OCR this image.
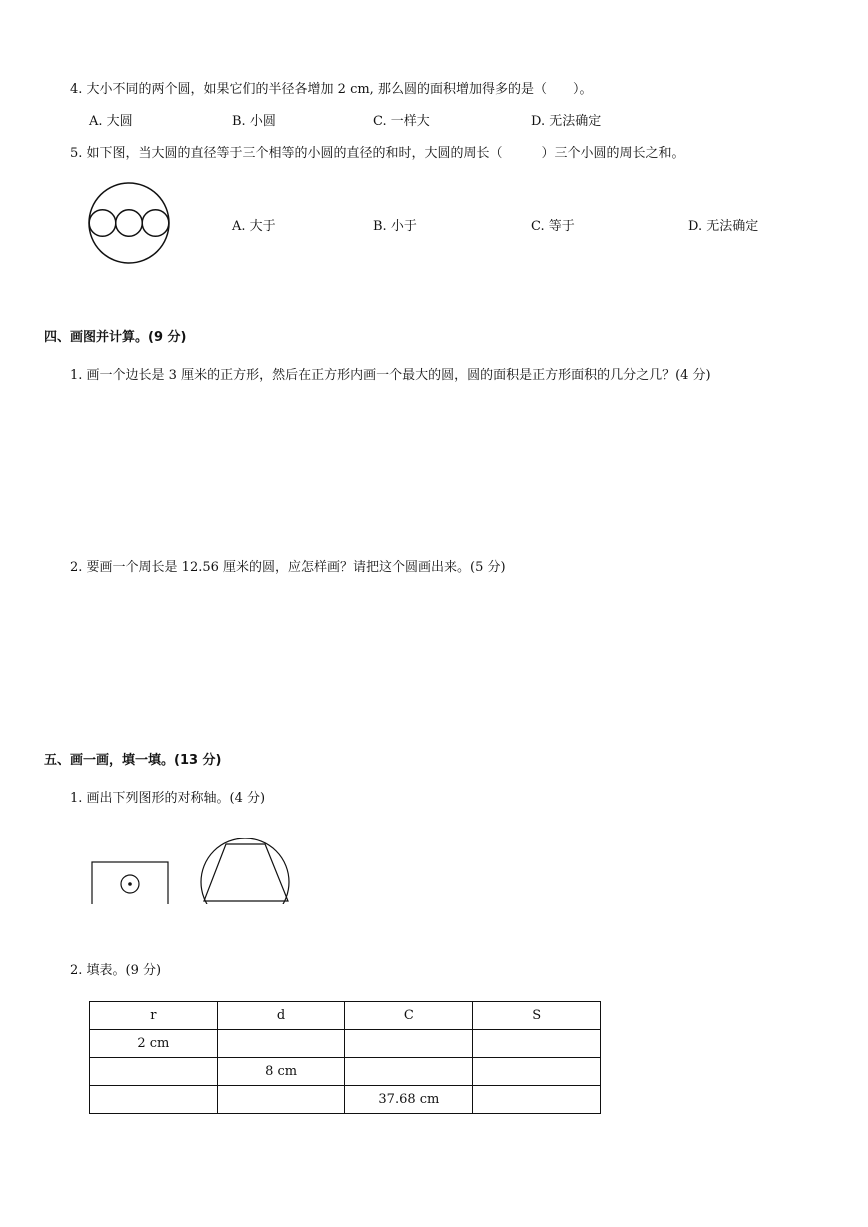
4. 大小不同的两个圆，如果它们的半径各增加 2 cm, 那么圆的面积增加得多的是（　　）。
A. 大圆	B. 小圆	C. 一样大	D. 无法确定
5. 如下图，当大圆的直径等于三个相等的小圆的直径的和时，大圆的周长（　　　）三个小圆的周长之和。
A. 大于	B. 小于	C. 等于	D. 无法确定
四、画图并计算。(9 分)
1. 画一个边长是 3 厘米的正方形，然后在正方形内画一个最大的圆，圆的面积是正方形面积的几分之几？(4 分)
2. 要画一个周长是 12.56 厘米的圆，应怎样画？请把这个圆画出来。(5 分)
五、画一画，填一填。(13 分)
1. 画出下列图形的对称轴。(4 分)
2. 填表。(9 分)
r	d	C	S
2 cm			
	8 cm		
		37.68 cm	
